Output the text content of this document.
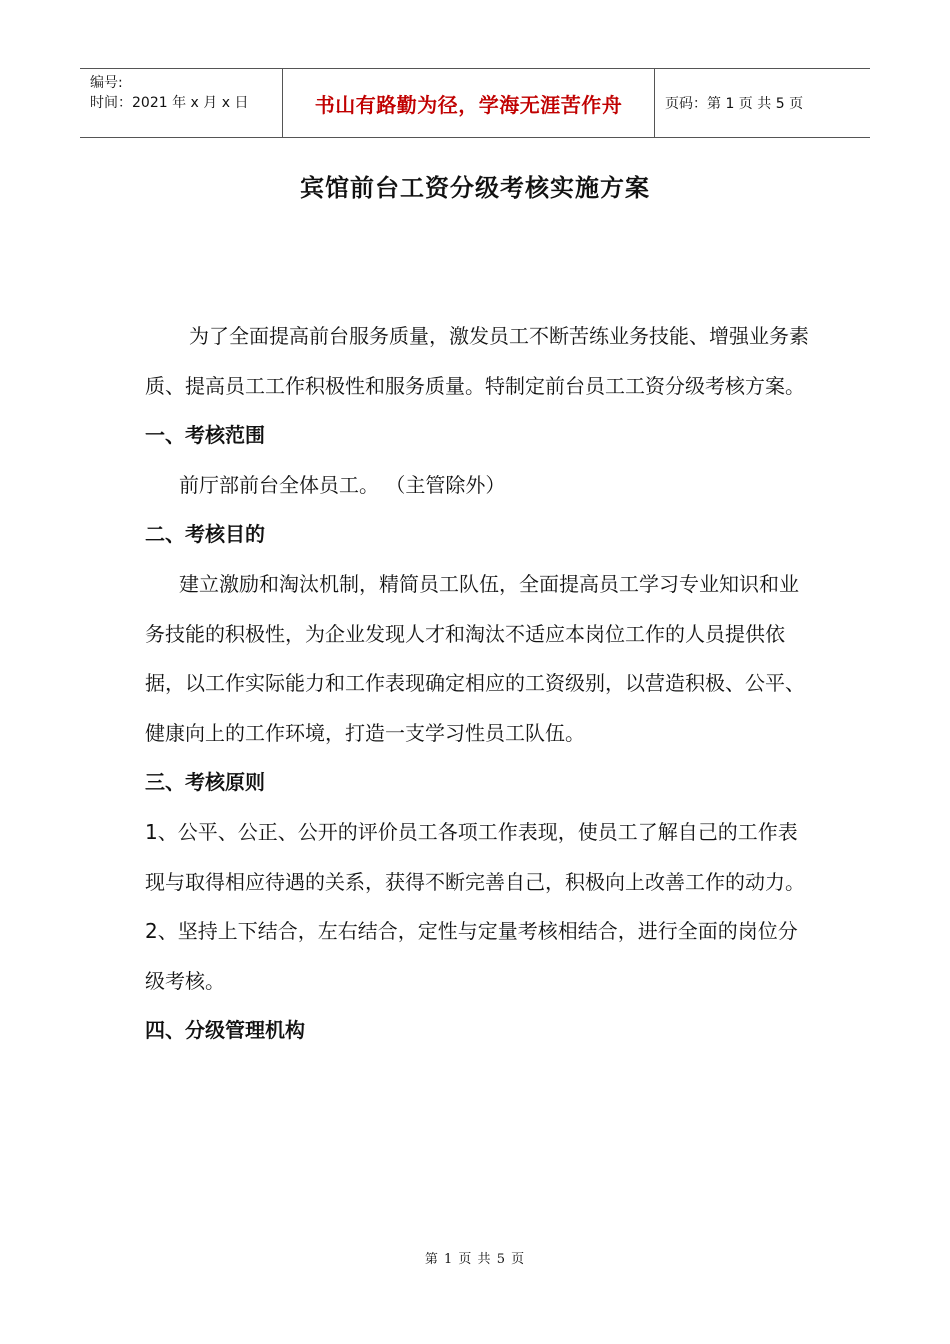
编号:
时间：2021 年 x 月 x 日	书山有路勤为径，学海无涯苦作舟	页码：第 1 页 共 5 页
宾馆前台工资分级考核实施方案

为了全面提高前台服务质量，激发员工不断苦练业务技能、增强业务素质、提高员工工作积极性和服务质量。特制定前台员工工资分级考核方案。

一、考核范围

前厅部前台全体员工。 （主管除外）

二、考核目的

建立激励和淘汰机制，精简员工队伍，全面提高员工学习专业知识和业务技能的积极性，为企业发现人才和淘汰不适应本岗位工作的人员提供依据，以工作实际能力和工作表现确定相应的工资级别，以营造积极、公平、健康向上的工作环境，打造一支学习性员工队伍。

三、考核原则

1、公平、公正、公开的评价员工各项工作表现，使员工了解自己的工作表现与取得相应待遇的关系，获得不断完善自己，积极向上改善工作的动力。

2、坚持上下结合，左右结合，定性与定量考核相结合，进行全面的岗位分级考核。

四、分级管理机构

第 1 页 共 5 页
